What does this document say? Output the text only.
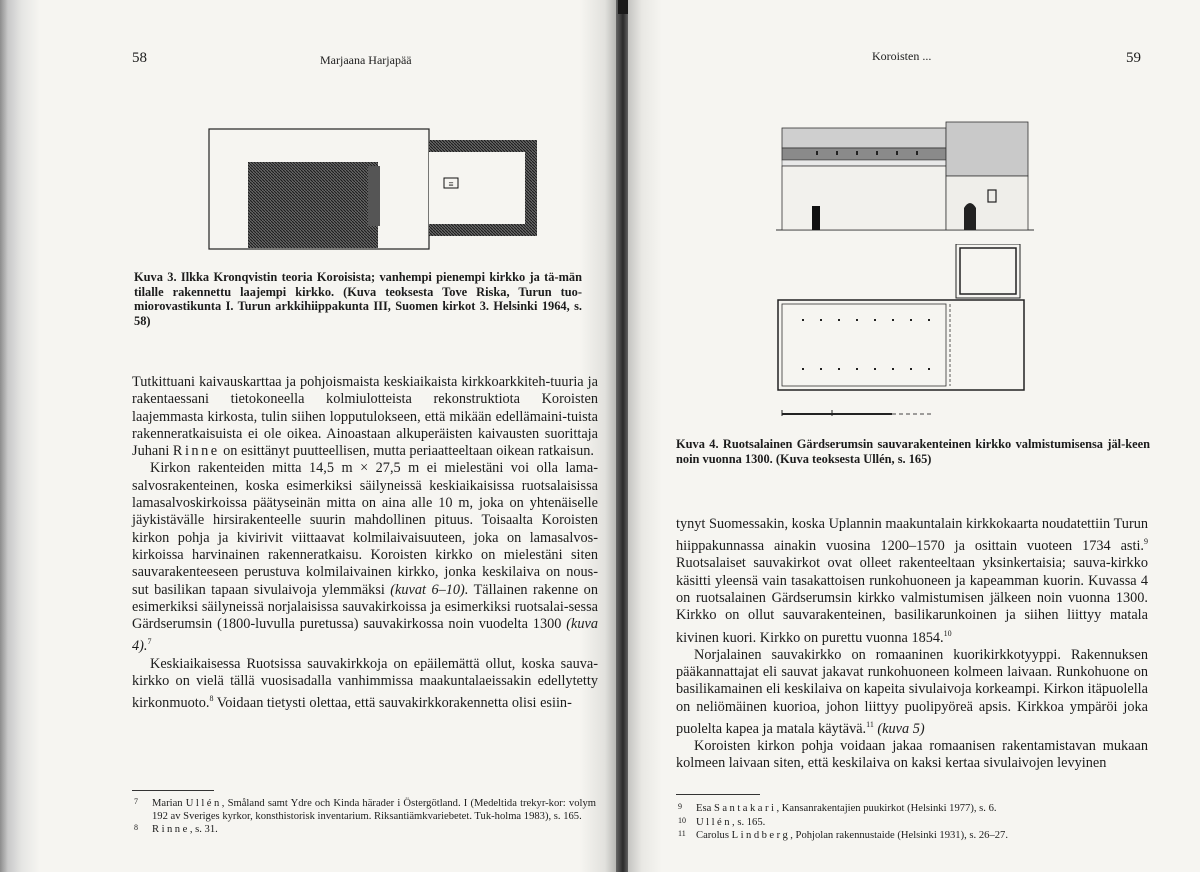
58	Marjaana Harjapää
≡
Kuva 3. Ilkka Kronqvistin teoria Koroisista; vanhempi pienempi kirkko ja tä-män tilalle rakennettu laajempi kirkko. (Kuva teoksesta Tove Riska, Turun tuo-miorovastikunta I. Turun arkkihiippakunta III, Suomen kirkot 3. Helsinki 1964, s. 58)

Tutkittuani kaivauskarttaa ja pohjoismaista keskiaikaista kirkkoarkkiteh-tuuria ja rakentaessani tietokoneella kolmiulotteista rekonstruktiota Koroisten laajemmasta kirkosta, tulin siihen lopputulokseen, että mikään edellämaini-tuista rakenneratkaisuista ei ole oikea. Ainoastaan alkuperäisten kaivausten suorittaja Juhani Rinne on esittänyt puutteellisen, mutta periaatteeltaan oikean ratkaisun.

Kirkon rakenteiden mitta 14,5 m × 27,5 m ei mielestäni voi olla lama-salvosrakenteinen, koska esimerkiksi säilyneissä keskiaikaisissa ruotsalaisissa lamasalvoskirkoissa päätyseinän mitta on aina alle 10 m, joka on yhtenäiselle jäykistävälle hirsirakenteelle suurin mahdollinen pituus. Toisaalta Koroisten kirkon pohja ja kivirivit viittaavat kolmilaivaisuuteen, joka on lamasalvos-kirkoissa harvinainen rakenneratkaisu. Koroisten kirkko on mielestäni siten sauvarakenteeseen perustuva kolmilaivainen kirkko, jonka keskilaiva on nous-sut basilikan tapaan sivulaivoja ylemmäksi (kuvat 6–10). Tällainen rakenne on esimerkiksi säilyneissä norjalaisissa sauvakirkoissa ja esimerkiksi ruotsalai-sessa Gärdserumsin (1800-luvulla puretussa) sauvakirkossa noin vuodelta 1300 (kuva 4).$^7$

Keskiaikaisessa Ruotsissa sauvakirkkoja on epäilemättä ollut, koska sauva-kirkko on vielä tällä vuosisadalla vanhimmissa maakuntalaeissakin edellytetty kirkonmuoto.$^8$ Voidaan tietysti olettaa, että sauvakirkkorakennetta olisi esiin-

7 Marian Ullén, Småland samt Ydre och Kinda härader i Östergötland. I (Medeltida trekyr-kor: volym 192 av Sveriges kyrkor, konsthistorisk inventarium. Riksantiämkvariebetet. Tuk-holma 1983), s. 165.
8 Rinne, s. 31.
Koroisten ...	59
Kuva 4. Ruotsalainen Gärdserumsin sauvarakenteinen kirkko valmistumisensa jäl-keen noin vuonna 1300. (Kuva teoksesta Ullén, s. 165)

tynyt Suomessakin, koska Uplannin maakuntalain kirkkokaarta noudatettiin Turun hiippakunnassa ainakin vuosina 1200–1570 ja osittain vuoteen 1734 asti.$^9$ Ruotsalaiset sauvakirkot ovat olleet rakenteeltaan yksinkertaisia; sauva-kirkko käsitti yleensä vain tasakattoisen runkohuoneen ja kapeamman kuorin. Kuvassa 4 on ruotsalainen Gärdserumsin kirkko valmistumisen jälkeen noin vuonna 1300. Kirkko on ollut sauvarakenteinen, basilikarunkoinen ja siihen liittyy matala kivinen kuori. Kirkko on purettu vuonna 1854.10

Norjalainen sauvakirkko on romaaninen kuorikirkkotyyppi. Rakennuksen pääkannattajat eli sauvat jakavat runkohuoneen kolmeen laivaan. Runkohuone on basilikamainen eli keskilaiva on kapeita sivulaivoja korkeampi. Kirkon itäpuolella on neliömäinen kuorioa, johon liittyy puolipyöreä apsis. Kirkkoa ympäröi joka puolelta kapea ja matala käytävä.$^{11}$ (kuva 5)

Koroisten kirkon pohja voidaan jakaa romaanisen rakentamistavan mukaan kolmeen laivaan siten, että keskilaiva on kaksi kertaa sivulaivojen levyinen

9 Esa Santakari, Kansanrakentajien puukirkot (Helsinki 1977), s. 6.
10 Ullén, s. 165.
11 Carolus Lindberg, Pohjolan rakennustaide (Helsinki 1931), s. 26–27.
